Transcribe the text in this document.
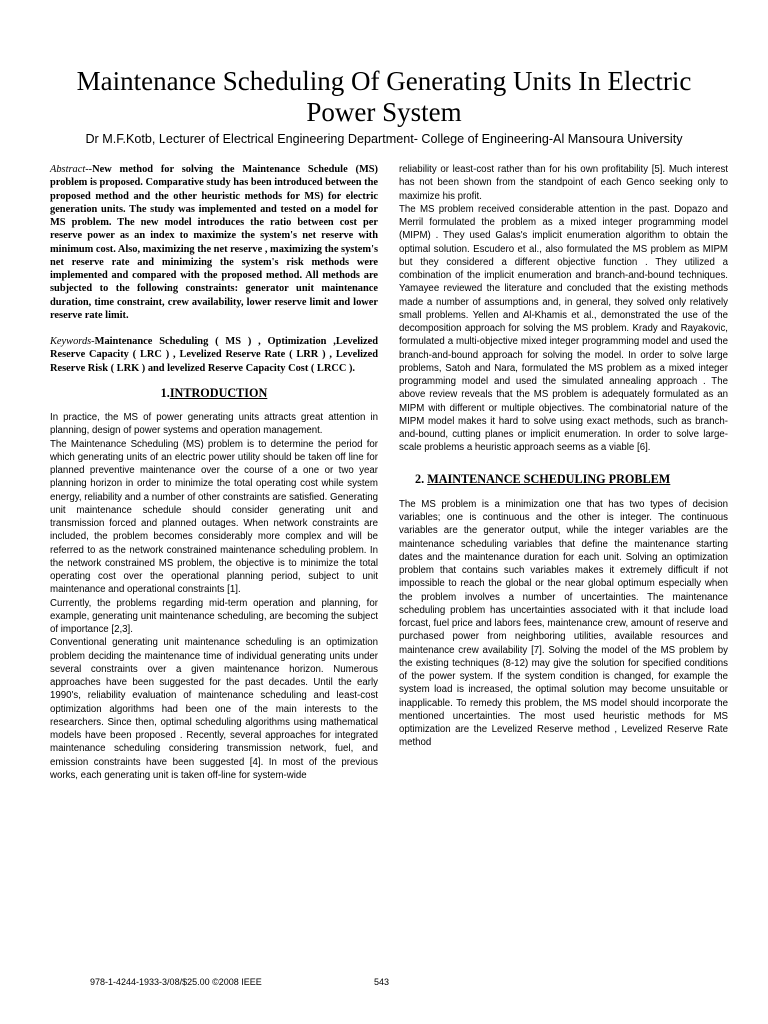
Maintenance Scheduling Of Generating Units In Electric Power System

Dr M.F.Kotb, Lecturer of Electrical Engineering Department- College of Engineering-Al Mansoura University

Abstract--New method for solving the Maintenance Schedule (MS) problem is proposed. Comparative study has been introduced between the proposed method and the other heuristic methods for MS) for electric generation units. The study was implemented and tested on a model for MS problem. The new model introduces the ratio between cost per reserve power as an index to maximize the system's net reserve with minimum cost. Also, maximizing the net reserve , maximizing the system's net reserve rate and minimizing the system's risk methods were implemented and compared with the proposed method. All methods are subjected to the following constraints: generator unit maintenance duration, time constraint, crew availability, lower reserve limit and lower reserve rate limit.

Keywords-Maintenance Scheduling ( MS ) , Optimization ,Levelized Reserve Capacity ( LRC ) , Levelized Reserve Rate ( LRR ) , Levelized Reserve Risk ( LRK ) and levelized Reserve Capacity Cost ( LRCC ).

1.INTRODUCTION

In practice, the MS of power generating units attracts great attention in planning, design of power systems and operation management.

The Maintenance Scheduling (MS) problem is to determine the period for which generating units of an electric power utility should be taken off line for planned preventive maintenance over the course of a one or two year planning horizon in order to minimize the total operating cost while system energy, reliability and a number of other constraints are satisfied. Generating unit maintenance schedule should consider generating unit and transmission forced and planned outages. When network constraints are included, the problem becomes considerably more complex and will be referred to as the network constrained maintenance scheduling problem. In the network constrained MS problem, the objective is to minimize the total operating cost over the operational planning period, subject to unit maintenance and operational constraints [1].

Currently, the problems regarding mid-term operation and planning, for example, generating unit maintenance scheduling, are becoming the subject of importance [2,3].

Conventional generating unit maintenance scheduling is an optimization problem deciding the maintenance time of individual generating units under several constraints over a given maintenance horizon. Numerous approaches have been suggested for the past decades. Until the early 1990's, reliability evaluation of maintenance scheduling and least-cost optimization algorithms had been one of the main interests to the researchers. Since then, optimal scheduling algorithms using mathematical models have been proposed . Recently, several approaches for integrated maintenance scheduling considering transmission network, fuel, and emission constraints have been suggested [4]. In most of the previous works, each generating unit is taken off-line for system-wide

reliability or least-cost rather than for his own profitability [5]. Much interest has not been shown from the standpoint of each Genco seeking only to maximize his profit.

The MS problem received considerable attention in the past. Dopazo and Merril formulated the problem as a mixed integer programming model (MIPM) . They used Galas's implicit enumeration algorithm to obtain the optimal solution. Escudero et al., also formulated the MS problem as MIPM but they considered a different objective function . They utilized a combination of the implicit enumeration and branch-and-bound techniques. Yamayee reviewed the literature and concluded that the existing methods made a number of assumptions and, in general, they solved only relatively small problems. Yellen and Al-Khamis et al., demonstrated the use of the decomposition approach for solving the MS problem. Krady and Rayakovic, formulated a multi-objective mixed integer programming model and used the branch-and-bound approach for solving the model. In order to solve large problems, Satoh and Nara, formulated the MS problem as a mixed integer programming model and used the simulated annealing approach . The above review reveals that the MS problem is adequately formulated as an MIPM with different or multiple objectives. The combinatorial nature of the MIPM model makes it hard to solve using exact methods, such as branch-and-bound, cutting planes or implicit enumeration. In order to solve large-scale problems a heuristic approach seems as a viable [6].

2. MAINTENANCE SCHEDULING PROBLEM

The MS problem is a minimization one that has two types of decision variables; one is continuous and the other is integer. The continuous variables are the generator output, while the integer variables are the maintenance scheduling variables that define the maintenance starting dates and the maintenance duration for each unit. Solving an optimization problem that contains such variables makes it extremely difficult if not impossible to reach the global or the near global optimum especially when the problem involves a number of uncertainties. The maintenance scheduling problem has uncertainties associated with it that include load forcast, fuel price and labors fees, maintenance crew, amount of reserve and purchased power from neighboring utilities, available resources and maintenance crew availability [7]. Solving the model of the MS problem by the existing techniques (8-12) may give the solution for specified conditions of the power system. If the system condition is changed, for example the system load is increased, the optimal solution may become unsuitable or inapplicable. To remedy this problem, the MS model should incorporate the mentioned uncertainties. The most used heuristic methods for MS optimization are the Levelized Reserve method , Levelized Reserve Rate method

978-1-4244-1933-3/08/$25.00 ©2008 IEEE	543
